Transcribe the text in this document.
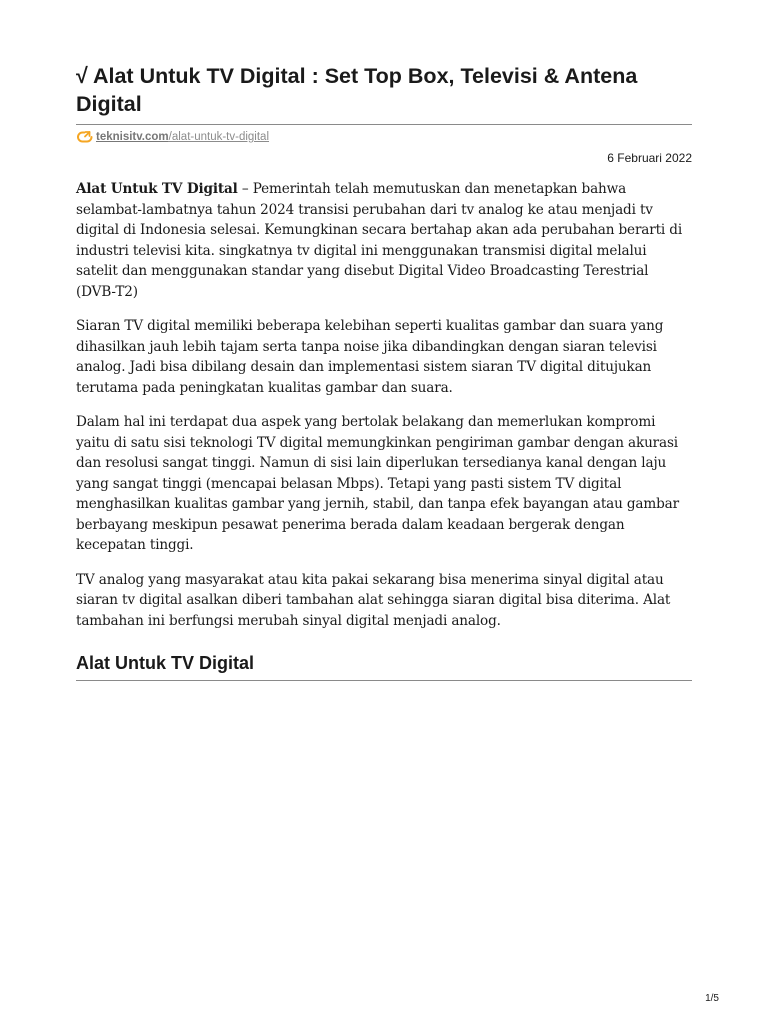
√ Alat Untuk TV Digital : Set Top Box, Televisi & Antena Digital
teknisitv.com /alat-untuk-tv-digital
6 Februari 2022

Alat Untuk TV Digital – Pemerintah telah memutuskan dan menetapkan bahwa selambat-lambatnya tahun 2024 transisi perubahan dari tv analog ke atau menjadi tv digital di Indonesia selesai. Kemungkinan secara bertahap akan ada perubahan berarti di industri televisi kita. singkatnya tv digital ini menggunakan transmisi digital melalui satelit dan menggunakan standar yang disebut Digital Video Broadcasting Terestrial (DVB-T2)

Siaran TV digital memiliki beberapa kelebihan seperti kualitas gambar dan suara yang dihasilkan jauh lebih tajam serta tanpa noise jika dibandingkan dengan siaran televisi analog. Jadi bisa dibilang desain dan implementasi sistem siaran TV digital ditujukan terutama pada peningkatan kualitas gambar dan suara.

Dalam hal ini terdapat dua aspek yang bertolak belakang dan memerlukan kompromi yaitu di satu sisi teknologi TV digital memungkinkan pengiriman gambar dengan akurasi dan resolusi sangat tinggi. Namun di sisi lain diperlukan tersedianya kanal dengan laju yang sangat tinggi (mencapai belasan Mbps). Tetapi yang pasti sistem TV digital menghasilkan kualitas gambar yang jernih, stabil, dan tanpa efek bayangan atau gambar berbayang meskipun pesawat penerima berada dalam keadaan bergerak dengan kecepatan tinggi.

TV analog yang masyarakat atau kita pakai sekarang bisa menerima sinyal digital atau siaran tv digital asalkan diberi tambahan alat sehingga siaran digital bisa diterima. Alat tambahan ini berfungsi merubah sinyal digital menjadi analog.

Alat Untuk TV Digital
1/5
